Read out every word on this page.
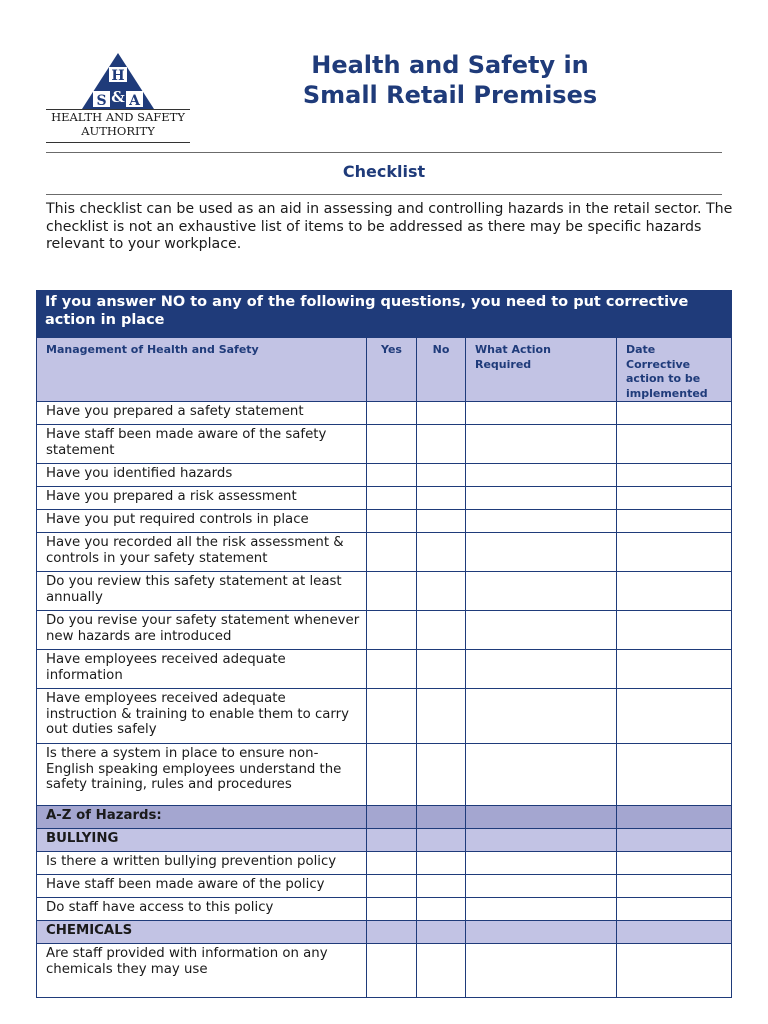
H
S & A
HEALTH AND SAFETY
AUTHORITY
Health and Safety in
Small Retail Premises
Checklist
This checklist can be used as an aid in assessing and controlling hazards in the retail sector. The checklist is not an exhaustive list of items to be addressed as there may be specific hazards relevant to your workplace.
If you answer NO to any of the following questions, you need to put corrective action in place				
Management of Health and Safety	Yes	No	What Action Required	Date Corrective action to be implemented
Have you prepared a safety statement				
Have staff been made aware of the safety statement				
Have you identified hazards				
Have you prepared a risk assessment				
Have you put required controls in place				
Have you recorded all the risk assessment & controls in your safety statement				
Do you review this safety statement at least annually				
Do you revise your safety statement whenever new hazards are introduced				
Have employees received adequate information				
Have employees received adequate instruction & training to enable them to carry out duties safely				
Is there a system in place to ensure non-English speaking employees understand the safety training, rules and procedures				
A-Z of Hazards:				
BULLYING				
Is there a written bullying prevention policy				
Have staff been made aware of the policy				
Do staff have access to this policy				
CHEMICALS				
Are staff provided with information on any chemicals they may use				
